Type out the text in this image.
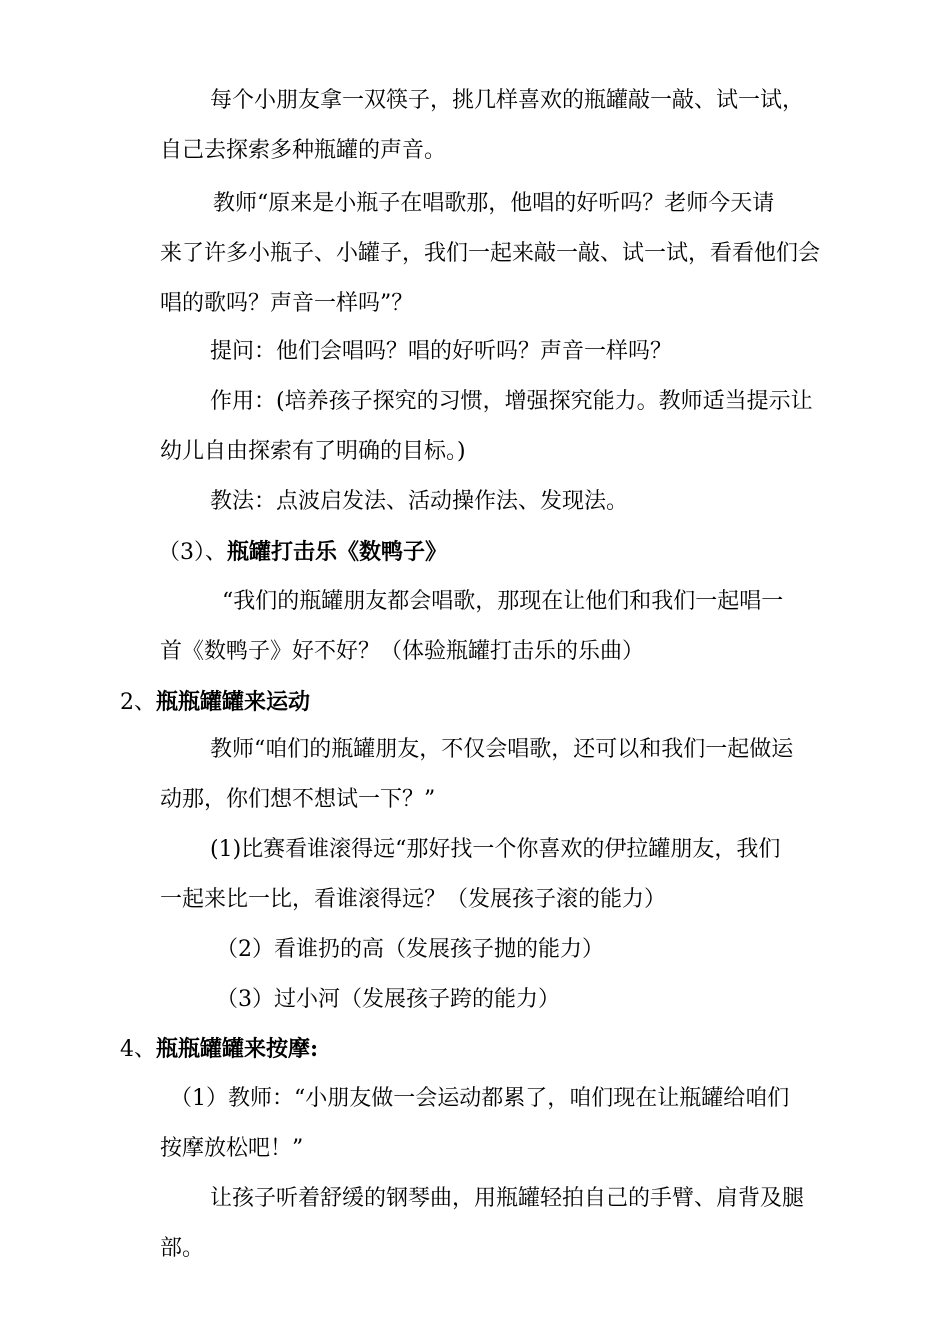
每个小朋友拿一双筷子，挑几样喜欢的瓶罐敲一敲、试一试，
自己去探索多种瓶罐的声音。
教师“原来是小瓶子在唱歌那，他唱的好听吗？老师今天请
来了许多小瓶子、小罐子，我们一起来敲一敲、试一试，看看他们会
唱的歌吗？声音一样吗”？
提问：他们会唱吗？唱的好听吗？声音一样吗？
作用：(培养孩子探究的习惯，增强探究能力。教师适当提示让
幼儿自由探索有了明确的目标。)
教法：点波启发法、活动操作法、发现法。
（3）、瓶罐打击乐《数鸭子》
“我们的瓶罐朋友都会唱歌，那现在让他们和我们一起唱一
首《数鸭子》好不好？（体验瓶罐打击乐的乐曲）
2、瓶瓶罐罐来运动
教师“咱们的瓶罐朋友，不仅会唱歌，还可以和我们一起做运
动那，你们想不想试一下？”
(1)比赛看谁滚得远“那好找一个你喜欢的伊拉罐朋友，我们
一起来比一比，看谁滚得远？（发展孩子滚的能力）
（2）看谁扔的高（发展孩子抛的能力）
（3）过小河（发展孩子跨的能力）
4、瓶瓶罐罐来按摩:
（1）教师：“小朋友做一会运动都累了，咱们现在让瓶罐给咱们
按摩放松吧！”
让孩子听着舒缓的钢琴曲，用瓶罐轻拍自己的手臂、肩背及腿
部。
